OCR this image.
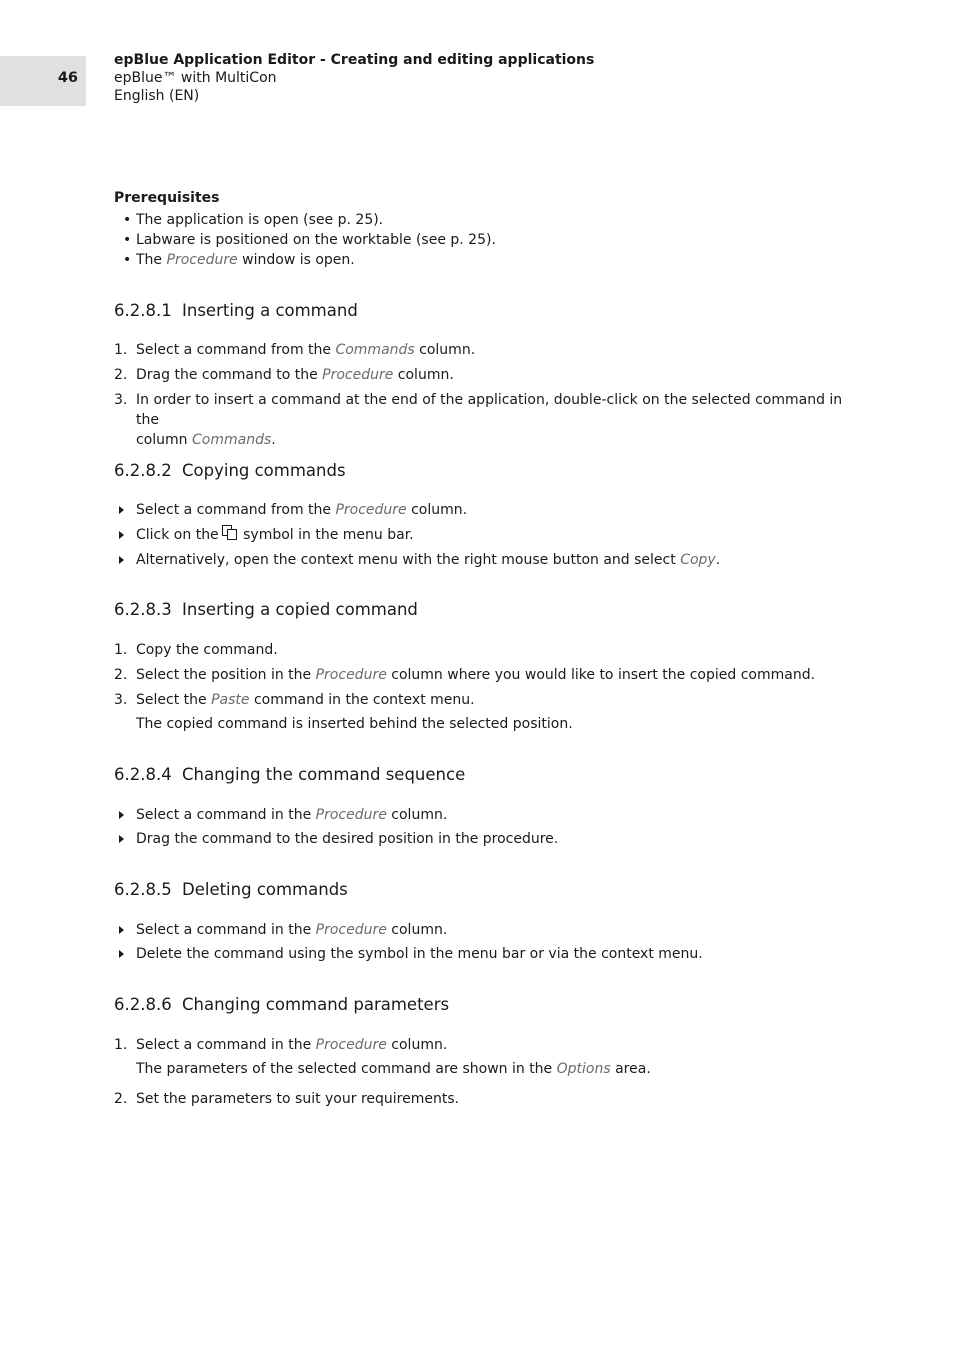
46
epBlue Application Editor - Creating and editing applications
epBlue™ with MultiCon
English (EN)
Prerequisites
• The application is open (see p. 25).
• Labware is positioned on the worktable (see p. 25).
• The Procedure window is open.
6.2.8.1 Inserting a command
1. Select a command from the Commands column.
2. Drag the command to the Procedure column.
3. In order to insert a command at the end of the application, double-click on the selected command in the
column Commands.
6.2.8.2 Copying commands
Select a command from the Procedure column.
Click on the symbol in the menu bar.
Alternatively, open the context menu with the right mouse button and select Copy.
6.2.8.3 Inserting a copied command
1. Copy the command.
2. Select the position in the Procedure column where you would like to insert the copied command.
3. Select the Paste command in the context menu.
The copied command is inserted behind the selected position.
6.2.8.4 Changing the command sequence
Select a command in the Procedure column.
Drag the command to the desired position in the procedure.
6.2.8.5 Deleting commands
Select a command in the Procedure column.
Delete the command using the symbol in the menu bar or via the context menu.
6.2.8.6 Changing command parameters
1. Select a command in the Procedure column.
The parameters of the selected command are shown in the Options area.
2. Set the parameters to suit your requirements.
